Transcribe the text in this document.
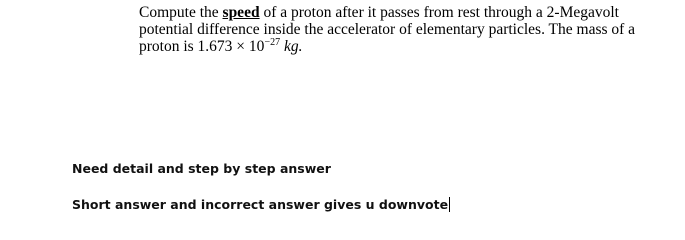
Compute the speed of a proton after it passes from rest through a 2-Megavolt
potential difference inside the accelerator of elementary particles. The mass of a
proton is $1.673 \times 10^{-27}$ kg.
Need detail and step by step answer
Short answer and incorrect answer gives u downvote
